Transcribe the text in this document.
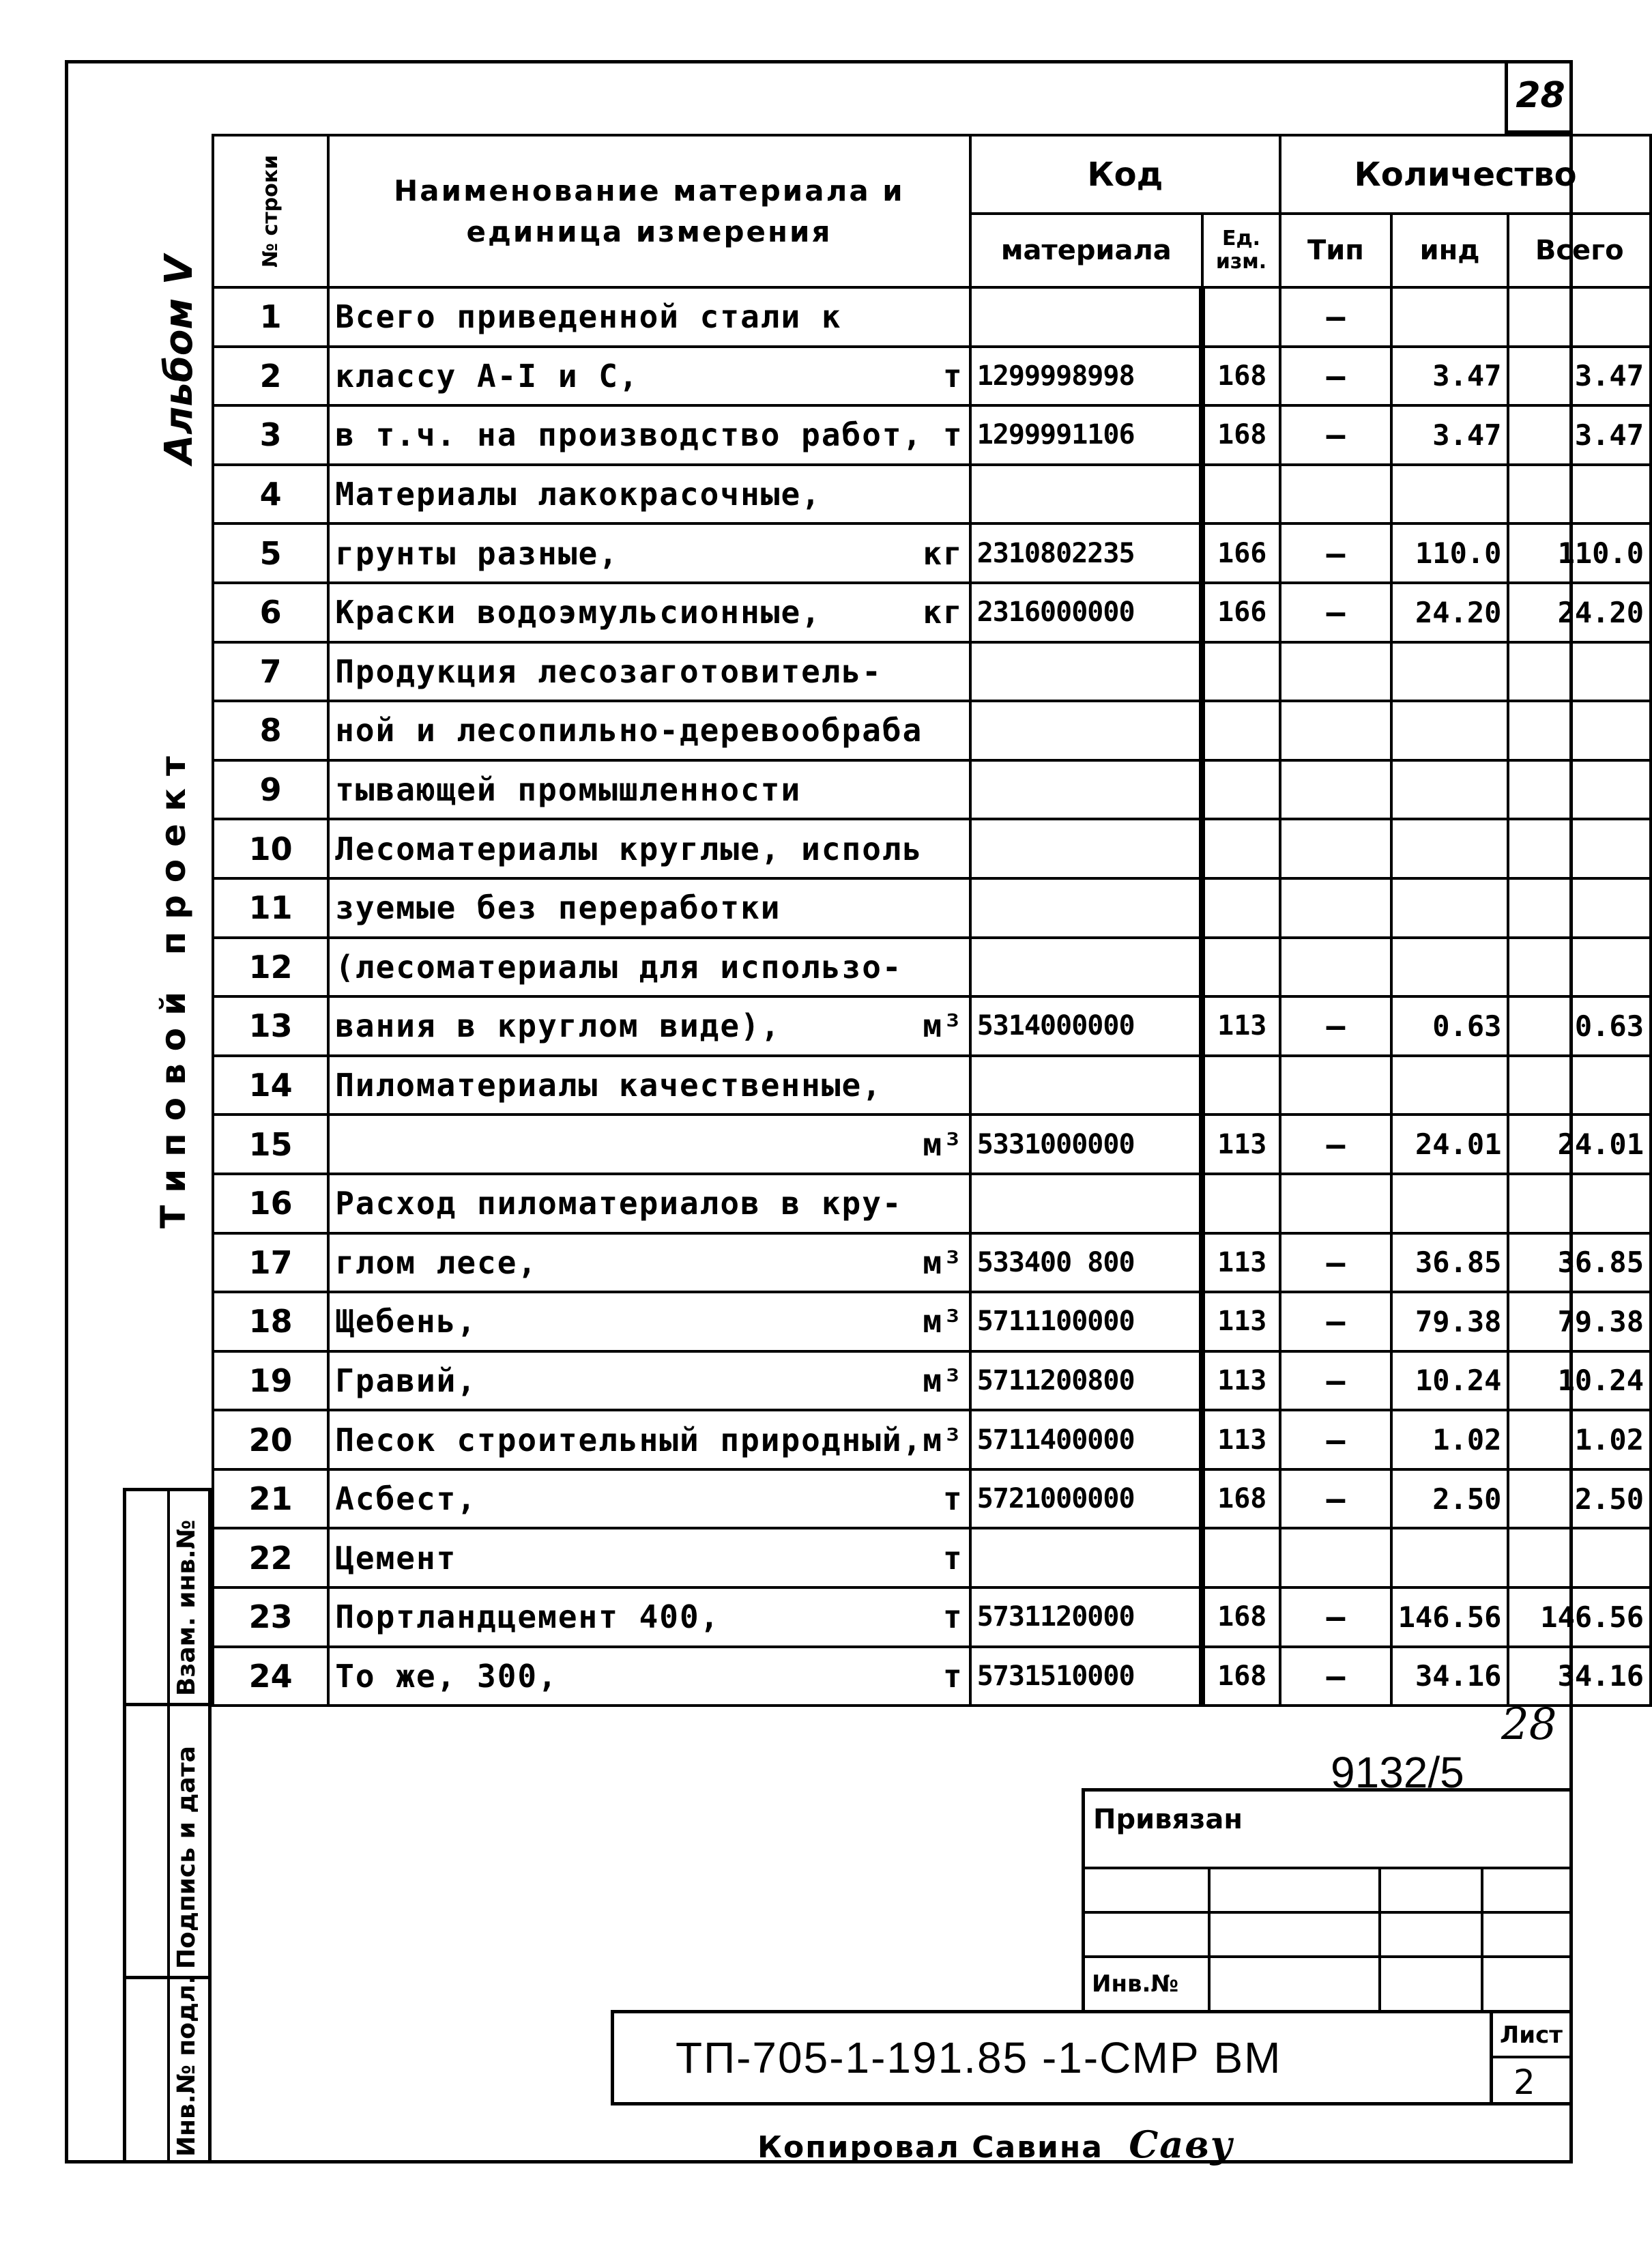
28
Альбом V
Типовой проект
Взам. инв.№
Подпись и дата
Инв.№ подл.
№ строки	Наименование материала и единица измерения	Код		Количество		
		материала	Ед. изм.	Тип	инд	Всего
1	Всего приведенной стали к			—		
2	классу А-I и С, т	1299998998	168	—	3.47	3.47
3	в т.ч. на производство работ, т	1299991106	168	—	3.47	3.47
4	Материалы лакокрасочные,					

5	грунты разные, кг	2310802235	166	—	110.0	110.0
6	Краски водоэмульсионные, кг	2316000000	166	—	24.20	24.20
7	Продукция лесозаготовитель-					

8	ной и лесопильно-деревообраба					

9	тывающей промышленности					

10	Лесоматериалы круглые, исполь					

11	зуемые без переработки					

12	(лесоматериалы для использо-					

13	вания в круглом виде), м³	5314000000	113	—	0.63	0.63
14	Пиломатериалы качественные,					

15	м³	5331000000	113	—	24.01	24.01
16	Расход пиломатериалов в кру-					

17	глом лесе, м³	533400 800	113	—	36.85	36.85
18	Щебень, м³	5711100000	113	—	79.38	79.38
19	Гравий, м³	5711200800	113	—	10.24	10.24
20	Песок строительный природный, м³	5711400000	113	—	1.02	1.02
21	Асбест, т	5721000000	168	—	2.50	2.50
22	Цемент т					

23	Портландцемент 400, т	5731120000	168	—	146.56	146.56
24	То же, 300, т	5731510000	168	—	34.16	34.16
28
9132/5
Привязан
Инв.№
ТП-705-1-191.85 -1-СМР ВМ	Лист
2
Копировал Савина Саву
